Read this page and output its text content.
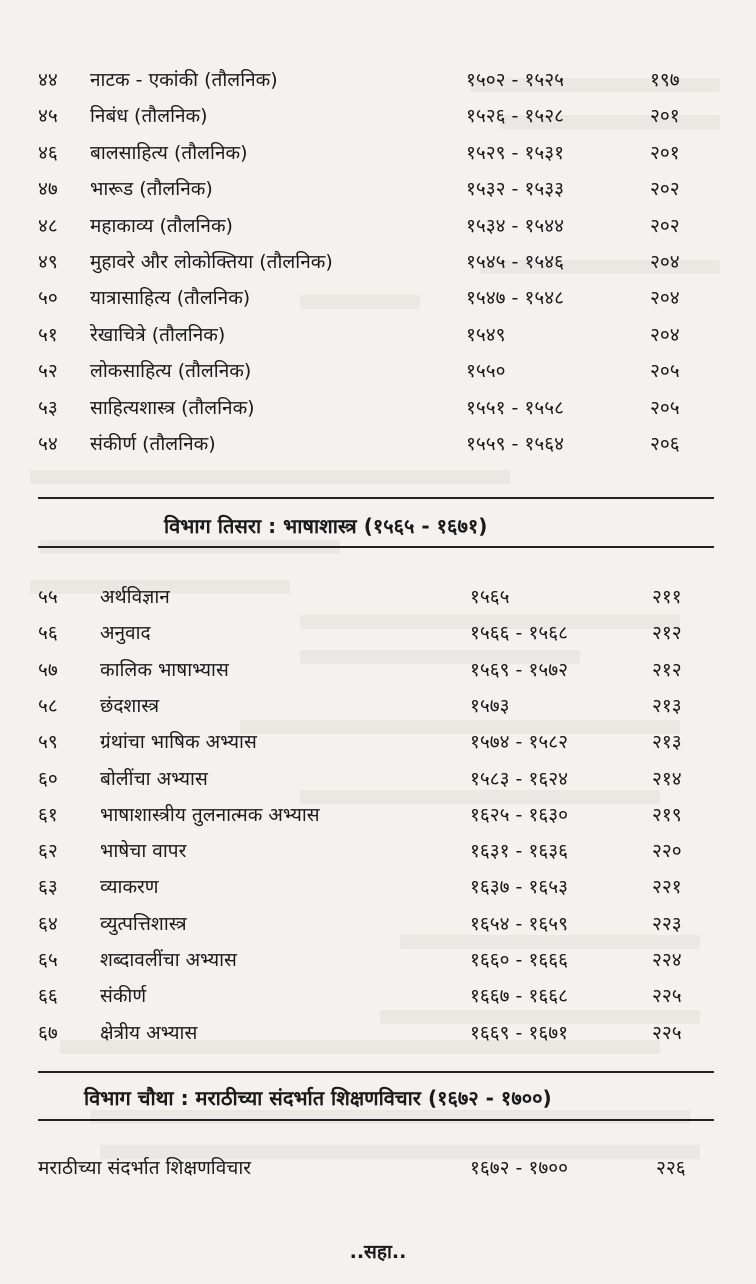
४४ नाटक - एकांकी (तौलनिक)	१५०२ - १५२५	१९७
४५ निबंध (तौलनिक)	१५२६ - १५२८	२०१
४६ बालसाहित्य (तौलनिक)	१५२९ - १५३१	२०१
४७ भारूड (तौलनिक)	१५३२ - १५३३	२०२
४८ महाकाव्य (तौलनिक)	१५३४ - १५४४	२०२
४९ मुहावरे और लोकोक्तिया (तौलनिक)	१५४५ - १५४६	२०४
५० यात्रासाहित्य (तौलनिक)	१५४७ - १५४८	२०४
५१ रेखाचित्रे (तौलनिक)	१५४९	२०४
५२ लोकसाहित्य (तौलनिक)	१५५०	२०५
५३ साहित्यशास्त्र (तौलनिक)	१५५१ - १५५८	२०५
५४ संकीर्ण (तौलनिक)	१५५९ - १५६४	२०६
विभाग तिसरा : भाषाशास्त्र (१५६५ - १६७१)
५५ अर्थविज्ञान	१५६५	२११
५६ अनुवाद	१५६६ - १५६८	२१२
५७ कालिक भाषाभ्यास	१५६९ - १५७२	२१२
५८ छंदशास्त्र	१५७३	२१३
५९ ग्रंथांचा भाषिक अभ्यास	१५७४ - १५८२	२१३
६० बोलींचा अभ्यास	१५८३ - १६२४	२१४
६१ भाषाशास्त्रीय तुलनात्मक अभ्यास	१६२५ - १६३०	२१९
६२ भाषेचा वापर	१६३१ - १६३६	२२०
६३ व्याकरण	१६३७ - १६५३	२२१
६४ व्युत्पत्तिशास्त्र	१६५४ - १६५९	२२३
६५ शब्दावलींचा अभ्यास	१६६० - १६६६	२२४
६६ संकीर्ण	१६६७ - १६६८	२२५
६७ क्षेत्रीय अभ्यास	१६६९ - १६७१	२२५
विभाग चौथा : मराठीच्या संदर्भात शिक्षणविचार (१६७२ - १७००)
मराठीच्या संदर्भात शिक्षणविचार	१६७२ - १७००	२२६
..सहा..
